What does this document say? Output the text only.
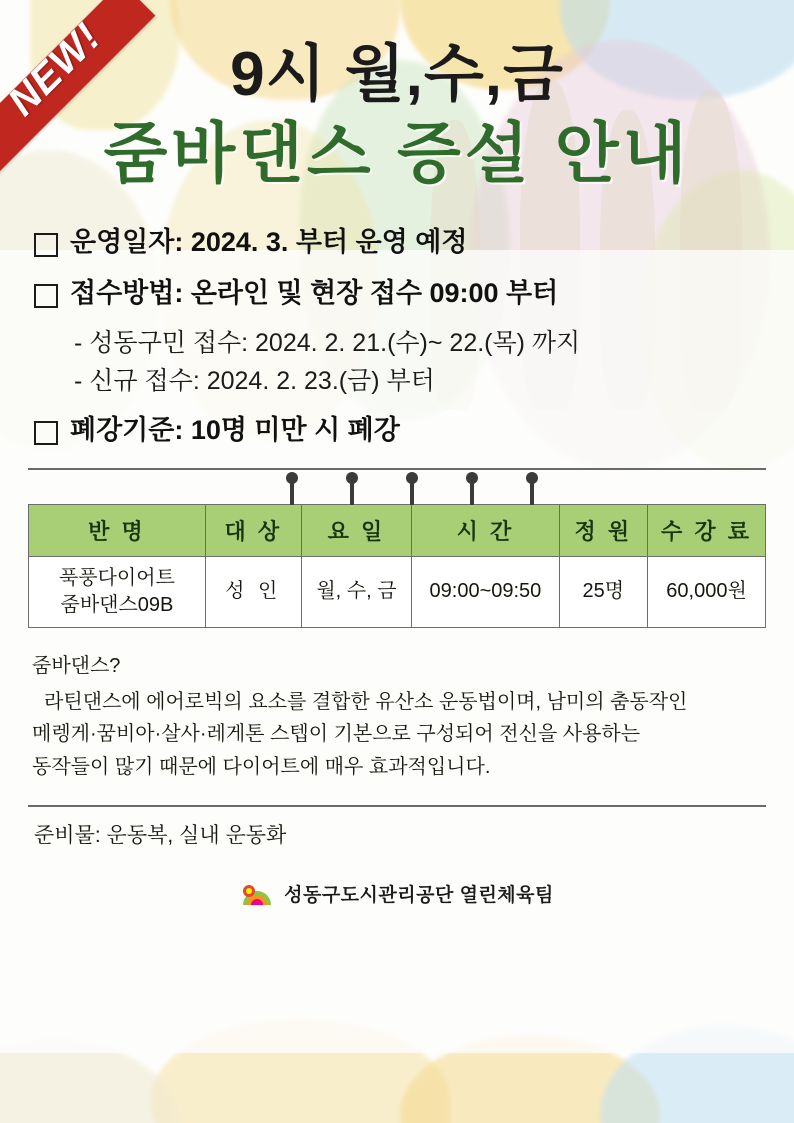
NEW!	9시 월,수,금
줌바댄스 증설 안내
운영일자: 2024. 3. 부터 운영 예정
접수방법: 온라인 및 현장 접수 09:00 부터
- 성동구민 접수: 2024. 2. 21.(수)~ 22.(목) 까지
- 신규 접수: 2024. 2. 23.(금) 부터
폐강기준: 10명 미만 시 폐강
반 명	대 상	요 일	시 간	정 원	수 강 료

푹풍다이어트
줌바댄스09B	성 인	월, 수, 금	09:00~09:50	25명	60,000원

줌바댄스?

라틴댄스에 에어로빅의 요소를 결합한 유산소 운동법이며, 남미의 춤동작인

메렝게·꿈비아·살사·레게톤 스텝이 기본으로 구성되어 전신을 사용하는

동작들이 많기 때문에 다이어트에 매우 효과적입니다.

준비물: 운동복, 실내 운동화
성동구도시관리공단 열린체육팀
